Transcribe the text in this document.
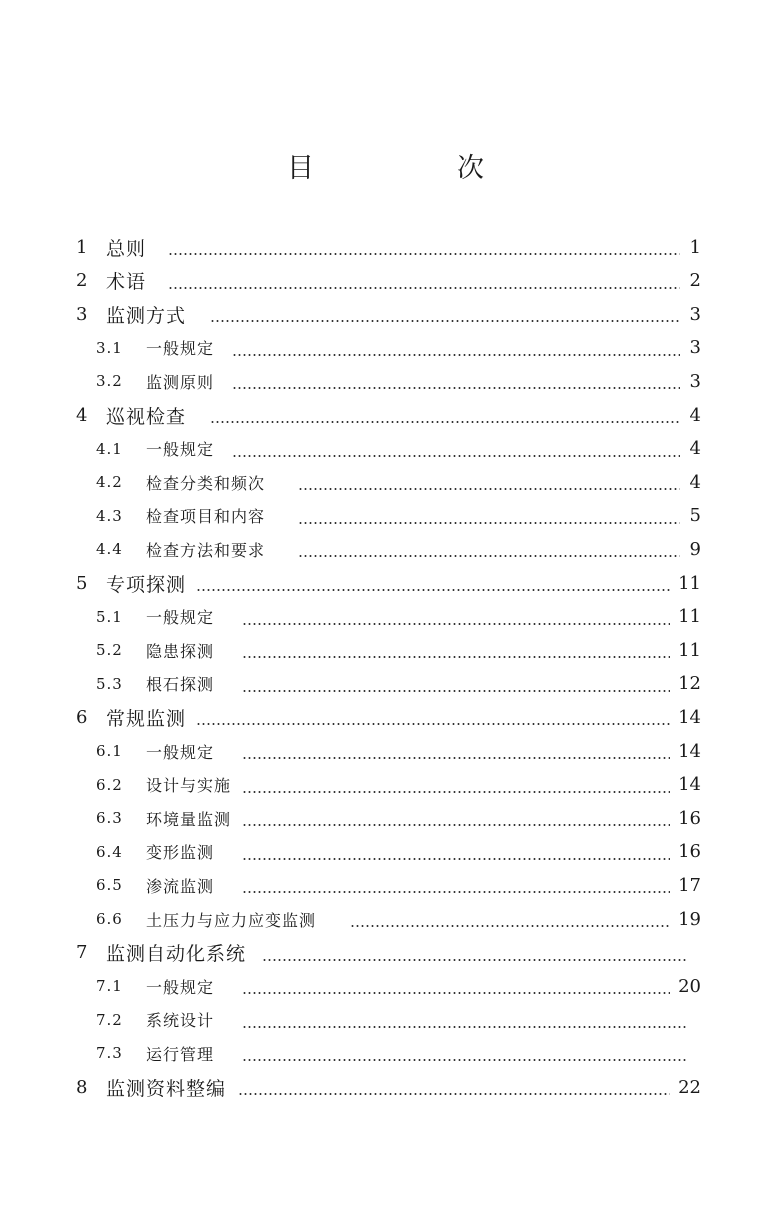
目　次
1 总则	1
2 术语	2
3 监测方式	3
3.1 一般规定	3
3.2 监测原则	3
4 巡视检查	4
4.1 一般规定	4
4.2 检查分类和频次	4
4.3 检查项目和内容	5
4.4 检查方法和要求	9
5 专项探测	11
5.1 一般规定	11
5.2 隐患探测	11
5.3 根石探测	12
6 常规监测	14
6.1 一般规定	14
6.2 设计与实施	14
6.3 环境量监测	16
6.4 变形监测	16
6.5 渗流监测	17
6.6 土压力与应力应变监测	19
7 监测自动化系统
7.1 一般规定	20
7.2 系统设计
7.3 运行管理
8 监测资料整编	22
